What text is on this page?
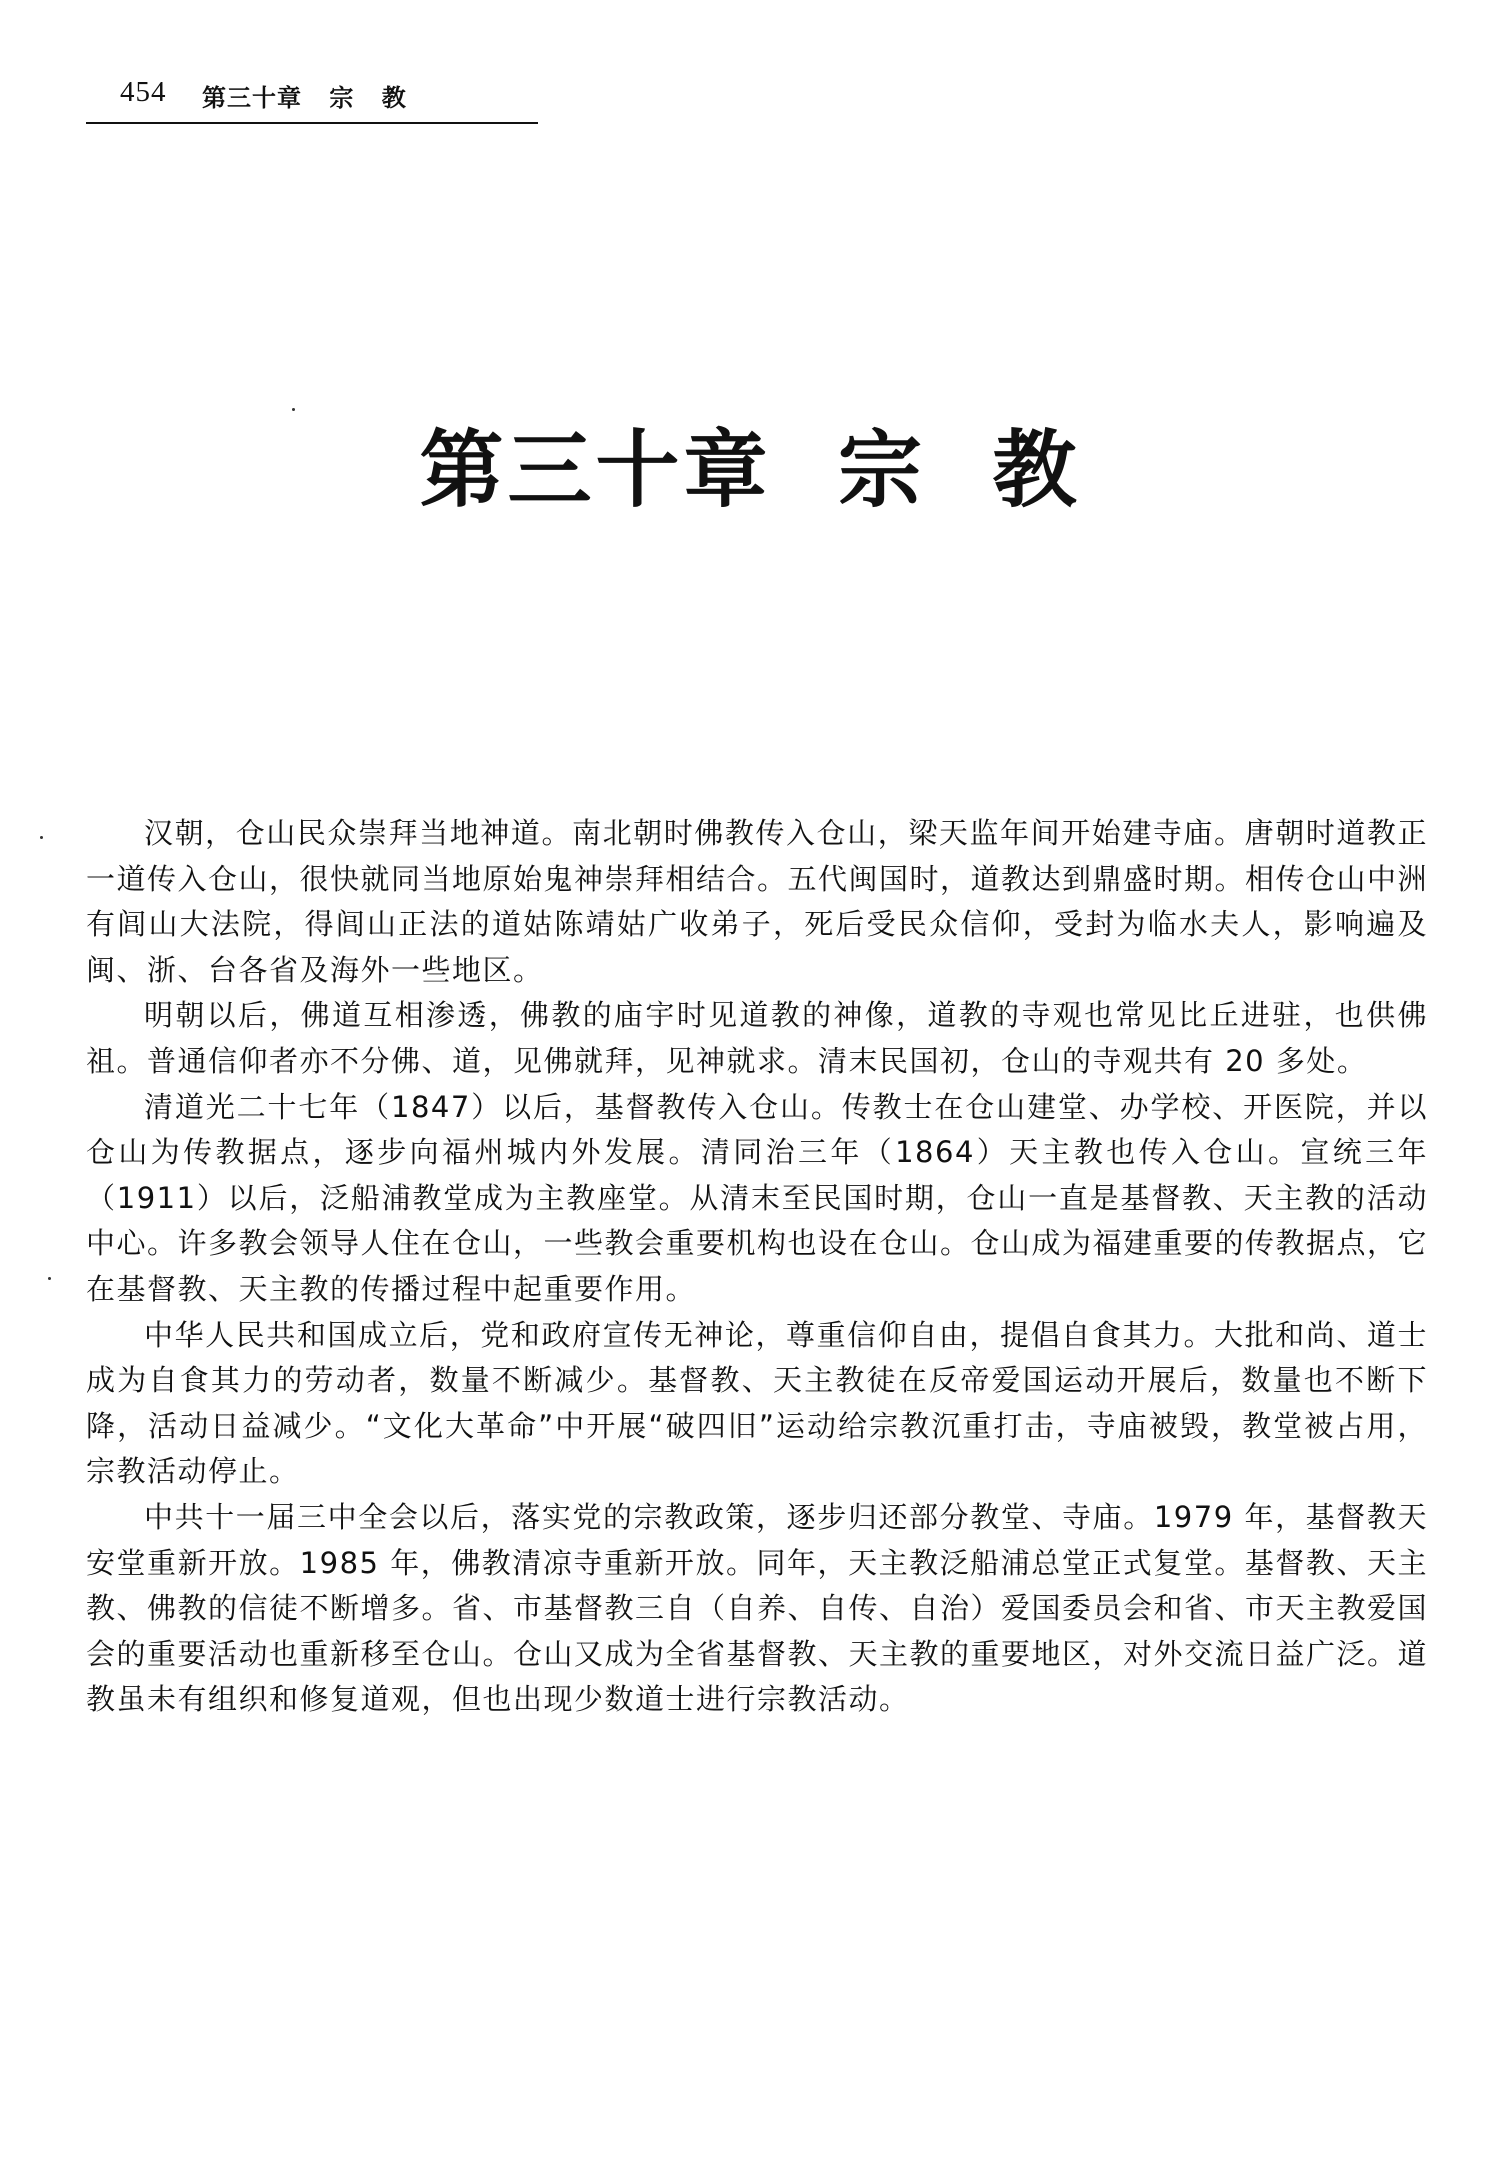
454 第三十章 宗 教
第三十章  宗  教

汉朝，仓山民众崇拜当地神道。南北朝时佛教传入仓山，梁天监年间开始建寺庙。唐朝时道教正一道传入仓山，很快就同当地原始鬼神崇拜相结合。五代闽国时，道教达到鼎盛时期。相传仓山中洲有闾山大法院，得闾山正法的道姑陈靖姑广收弟子，死后受民众信仰，受封为临水夫人，影响遍及闽、浙、台各省及海外一些地区。

明朝以后，佛道互相渗透，佛教的庙宇时见道教的神像，道教的寺观也常见比丘进驻，也供佛祖。普通信仰者亦不分佛、道，见佛就拜，见神就求。清末民国初，仓山的寺观共有 20 多处。

清道光二十七年（1847）以后，基督教传入仓山。传教士在仓山建堂、办学校、开医院，并以仓山为传教据点，逐步向福州城内外发展。清同治三年（1864）天主教也传入仓山。宣统三年（1911）以后，泛船浦教堂成为主教座堂。从清末至民国时期，仓山一直是基督教、天主教的活动中心。许多教会领导人住在仓山，一些教会重要机构也设在仓山。仓山成为福建重要的传教据点，它在基督教、天主教的传播过程中起重要作用。

中华人民共和国成立后，党和政府宣传无神论，尊重信仰自由，提倡自食其力。大批和尚、道士成为自食其力的劳动者，数量不断减少。基督教、天主教徒在反帝爱国运动开展后，数量也不断下降，活动日益减少。“文化大革命”中开展“破四旧”运动给宗教沉重打击，寺庙被毁，教堂被占用，宗教活动停止。

中共十一届三中全会以后，落实党的宗教政策，逐步归还部分教堂、寺庙。1979 年，基督教天安堂重新开放。1985 年，佛教清凉寺重新开放。同年，天主教泛船浦总堂正式复堂。基督教、天主教、佛教的信徒不断增多。省、市基督教三自（自养、自传、自治）爱国委员会和省、市天主教爱国会的重要活动也重新移至仓山。仓山又成为全省基督教、天主教的重要地区，对外交流日益广泛。道教虽未有组织和修复道观，但也出现少数道士进行宗教活动。
